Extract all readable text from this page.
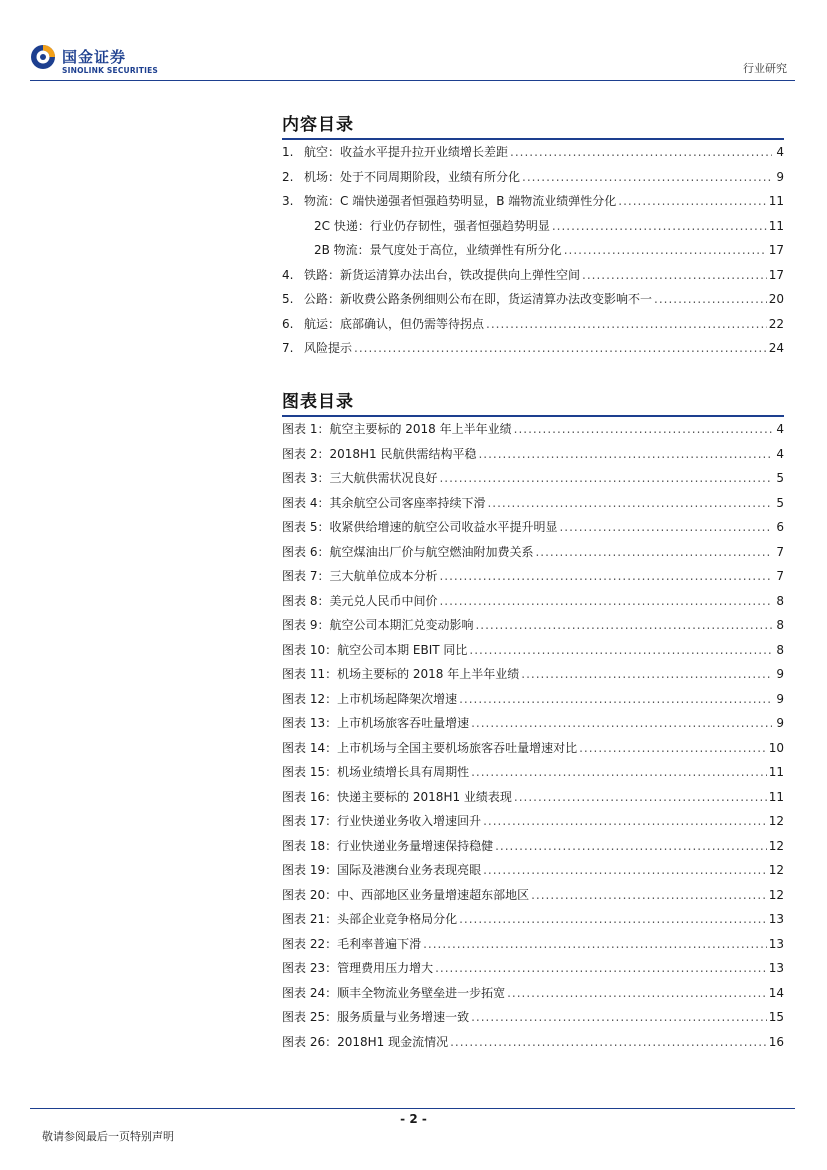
国金证券
SINOLINK SECURITIES	行业研究
内容目录
1. 航空：收益水平提升拉开业绩增长差距 .....	4
2. 机场：处于不同周期阶段，业绩有所分化 .....	9
3. 物流：C 端快递强者恒强趋势明显，B 端物流业绩弹性分化 .....	11
2C 快递：行业仍存韧性，强者恒强趋势明显 .....	11
2B 物流：景气度处于高位，业绩弹性有所分化 .....	17
4. 铁路：新货运清算办法出台，铁改提供向上弹性空间 .....	17
5. 公路：新收费公路条例细则公布在即，货运清算办法改变影响不一 .....	20
6. 航运：底部确认，但仍需等待拐点 .....	22
7. 风险提示 .....	24
图表目录
图表 1：航空主要标的 2018 年上半年业绩 .....	4
图表 2：2018H1 民航供需结构平稳 .....	4
图表 3：三大航供需状况良好 .....	5
图表 4：其余航空公司客座率持续下滑 .....	5
图表 5：收紧供给增速的航空公司收益水平提升明显 .....	6
图表 6：航空煤油出厂价与航空燃油附加费关系 .....	7
图表 7：三大航单位成本分析 .....	7
图表 8：美元兑人民币中间价 .....	8
图表 9：航空公司本期汇兑变动影响 .....	8
图表 10：航空公司本期 EBIT 同比 .....	8
图表 11：机场主要标的 2018 年上半年业绩 .....	9
图表 12：上市机场起降架次增速 .....	9
图表 13：上市机场旅客吞吐量增速 .....	9
图表 14：上市机场与全国主要机场旅客吞吐量增速对比 .....	10
图表 15：机场业绩增长具有周期性 .....	11
图表 16：快递主要标的 2018H1 业绩表现 .....	11
图表 17：行业快递业务收入增速回升 .....	12
图表 18：行业快递业务量增速保持稳健 .....	12
图表 19：国际及港澳台业务表现亮眼 .....	12
图表 20：中、西部地区业务量增速超东部地区 .....	12
图表 21：头部企业竞争格局分化 .....	13
图表 22：毛利率普遍下滑 .....	13
图表 23：管理费用压力增大 .....	13
图表 24：顺丰全物流业务壁垒进一步拓宽 .....	14
图表 25：服务质量与业务增速一致 .....	15
图表 26：2018H1 现金流情况 .....	16
- 2 -
敬请参阅最后一页特别声明
